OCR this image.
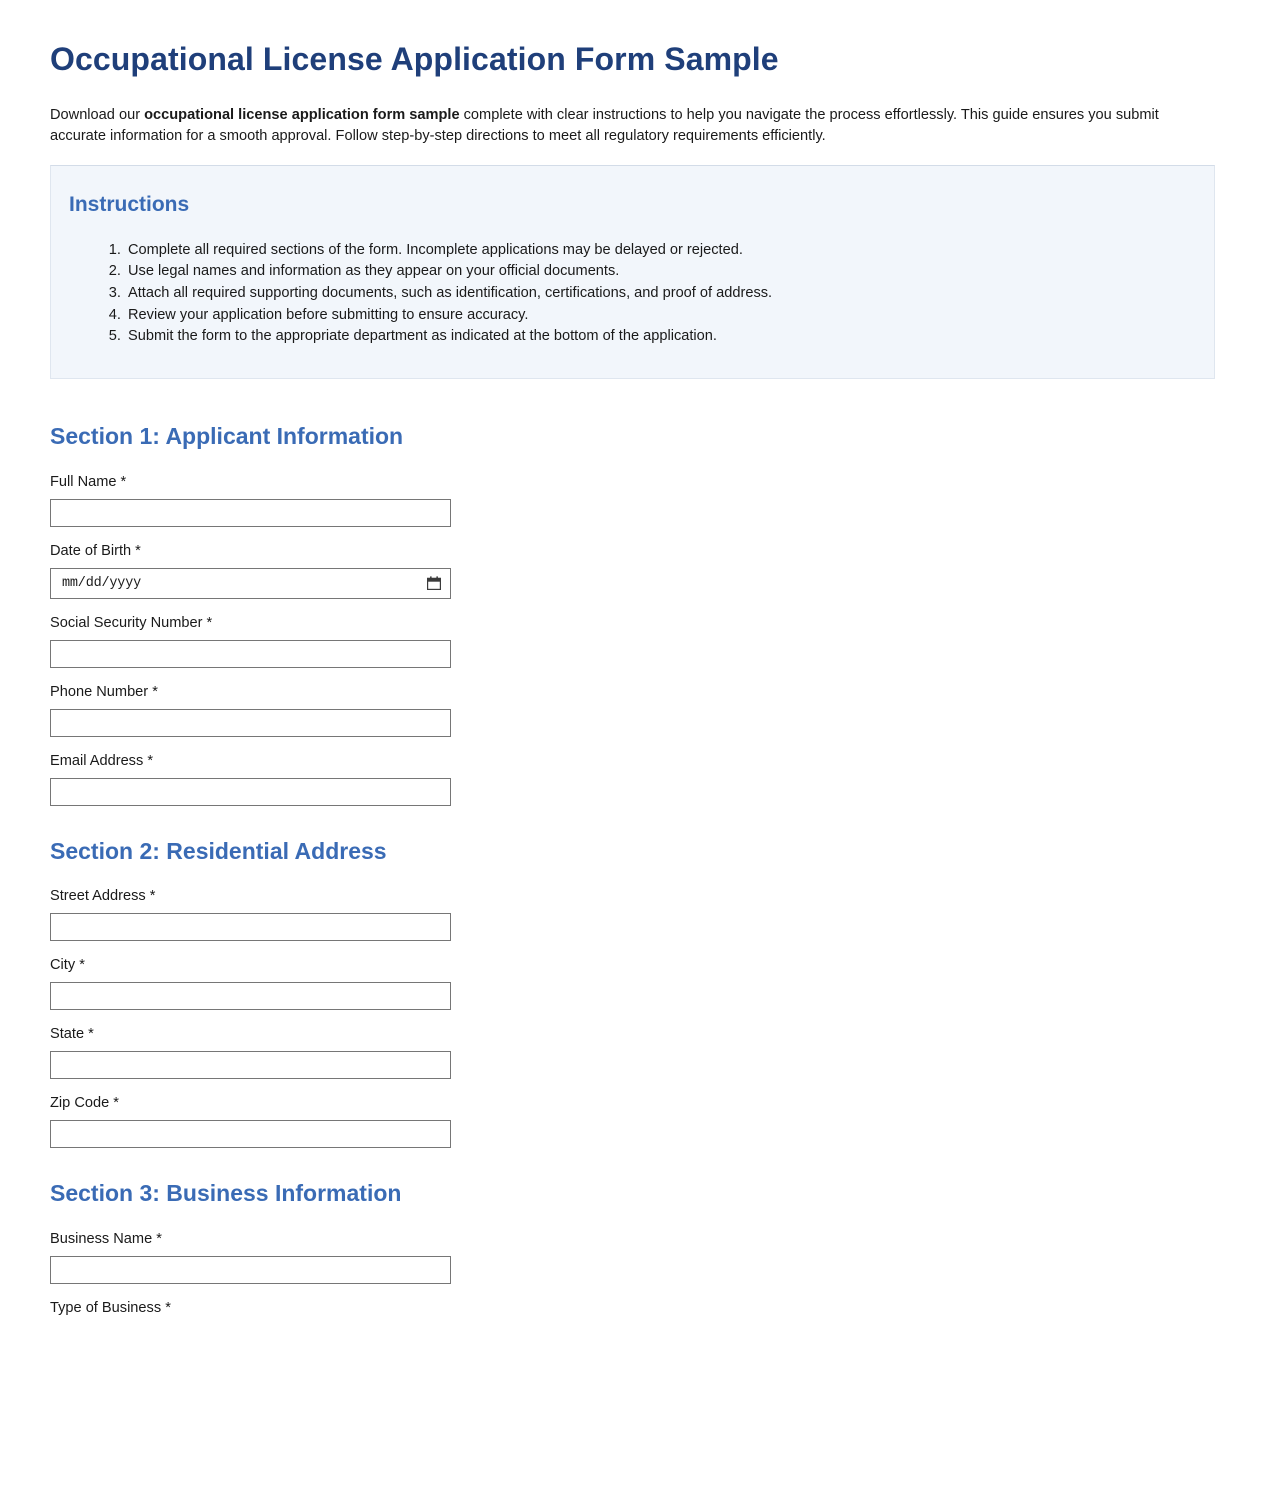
Occupational License Application Form Sample

Download our occupational license application form sample complete with clear instructions to help you navigate the process effortlessly. This guide ensures you submit accurate information for a smooth approval. Follow step-by-step directions to meet all regulatory requirements efficiently.

Instructions
1. Complete all required sections of the form. Incomplete applications may be delayed or rejected.
2. Use legal names and information as they appear on your official documents.
3. Attach all required supporting documents, such as identification, certifications, and proof of address.
4. Review your application before submitting to ensure accuracy.
5. Submit the form to the appropriate department as indicated at the bottom of the application.
Section 1: Applicant Information
Full Name *
Date of Birth *
mm/dd/yyyy
Social Security Number *
Phone Number *
Email Address *
Section 2: Residential Address
Street Address *
City *
State *
Zip Code *
Section 3: Business Information
Business Name *
Type of Business *
